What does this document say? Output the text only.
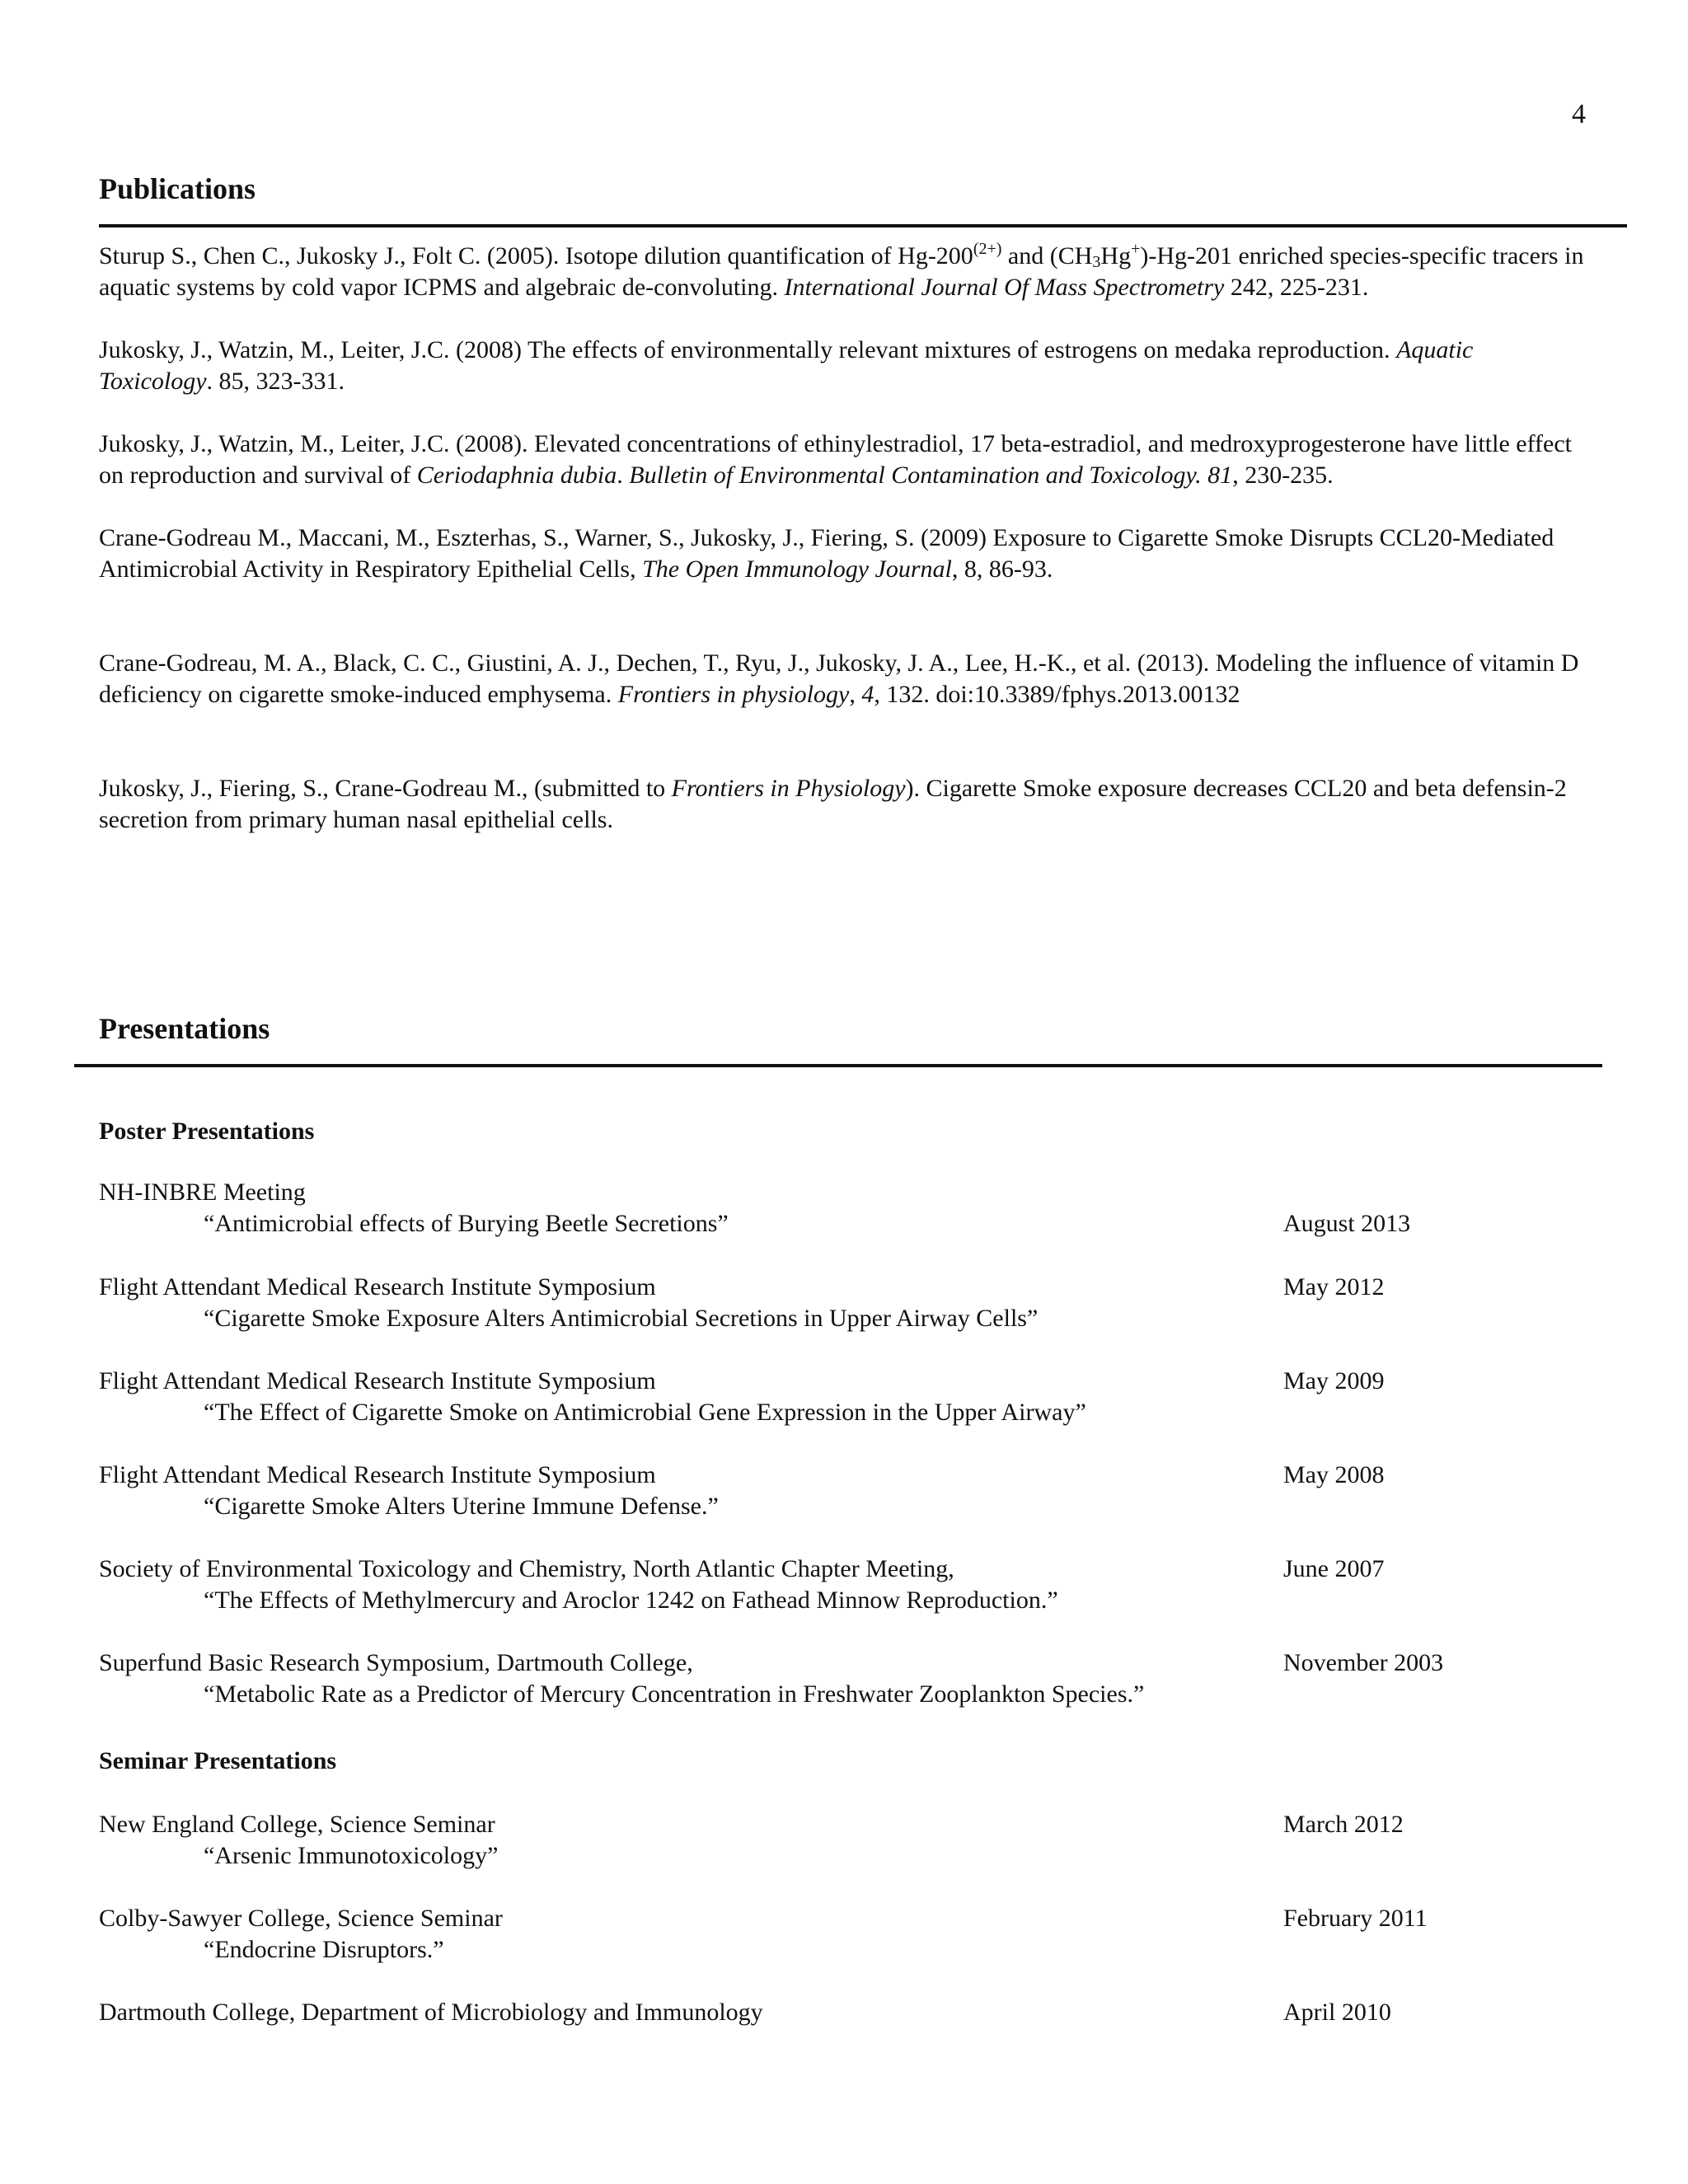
4
Publications

Sturup S., Chen C., Jukosky J., Folt C. (2005). Isotope dilution quantification of $Hg-200^{(2+)}$ and $(CH_3Hg^+)-Hg-201$ enriched species-specific tracers in aquatic systems by cold vapor ICPMS and algebraic de-convoluting. International Journal Of Mass Spectrometry 242, 225-231.

Jukosky, J., Watzin, M., Leiter, J.C. (2008) The effects of environmentally relevant mixtures of estrogens on medaka reproduction. Aquatic Toxicology. 85, 323-331.

Jukosky, J., Watzin, M., Leiter, J.C. (2008). Elevated concentrations of ethinylestradiol, 17 beta-estradiol, and medroxyprogesterone have little effect on reproduction and survival of Ceriodaphnia dubia. Bulletin of Environmental Contamination and Toxicology. 81, 230-235.

Crane-Godreau M., Maccani, M., Eszterhas, S., Warner, S., Jukosky, J., Fiering, S. (2009) Exposure to Cigarette Smoke Disrupts CCL20-Mediated Antimicrobial Activity in Respiratory Epithelial Cells, The Open Immunology Journal, 8, 86-93.

Crane-Godreau, M. A., Black, C. C., Giustini, A. J., Dechen, T., Ryu, J., Jukosky, J. A., Lee, H.-K., et al. (2013). Modeling the influence of vitamin D deficiency on cigarette smoke-induced emphysema. Frontiers in physiology, 4, 132. doi:10.3389/fphys.2013.00132

Jukosky, J., Fiering, S., Crane-Godreau M., (submitted to Frontiers in Physiology). Cigarette Smoke exposure decreases CCL20 and beta defensin-2 secretion from primary human nasal epithelial cells.

Presentations
Poster Presentations
NH-INBRE Meeting
“Antimicrobial effects of Burying Beetle Secretions”	August 2013
Flight Attendant Medical Research Institute Symposium
“Cigarette Smoke Exposure Alters Antimicrobial Secretions in Upper Airway Cells”
May 2012
Flight Attendant Medical Research Institute Symposium
“The Effect of Cigarette Smoke on Antimicrobial Gene Expression in the Upper Airway”
May 2009
Flight Attendant Medical Research Institute Symposium
“Cigarette Smoke Alters Uterine Immune Defense.”
May 2008
Society of Environmental Toxicology and Chemistry, North Atlantic Chapter Meeting,
“The Effects of Methylmercury and Aroclor 1242 on Fathead Minnow Reproduction.”
June 2007
Superfund Basic Research Symposium, Dartmouth College,
“Metabolic Rate as a Predictor of Mercury Concentration in Freshwater Zooplankton Species.”
November 2003
Seminar Presentations
New England College, Science Seminar
“Arsenic Immunotoxicology”
March 2012
Colby-Sawyer College, Science Seminar
“Endocrine Disruptors.”
February 2011
Dartmouth College, Department of Microbiology and Immunology	April 2010
